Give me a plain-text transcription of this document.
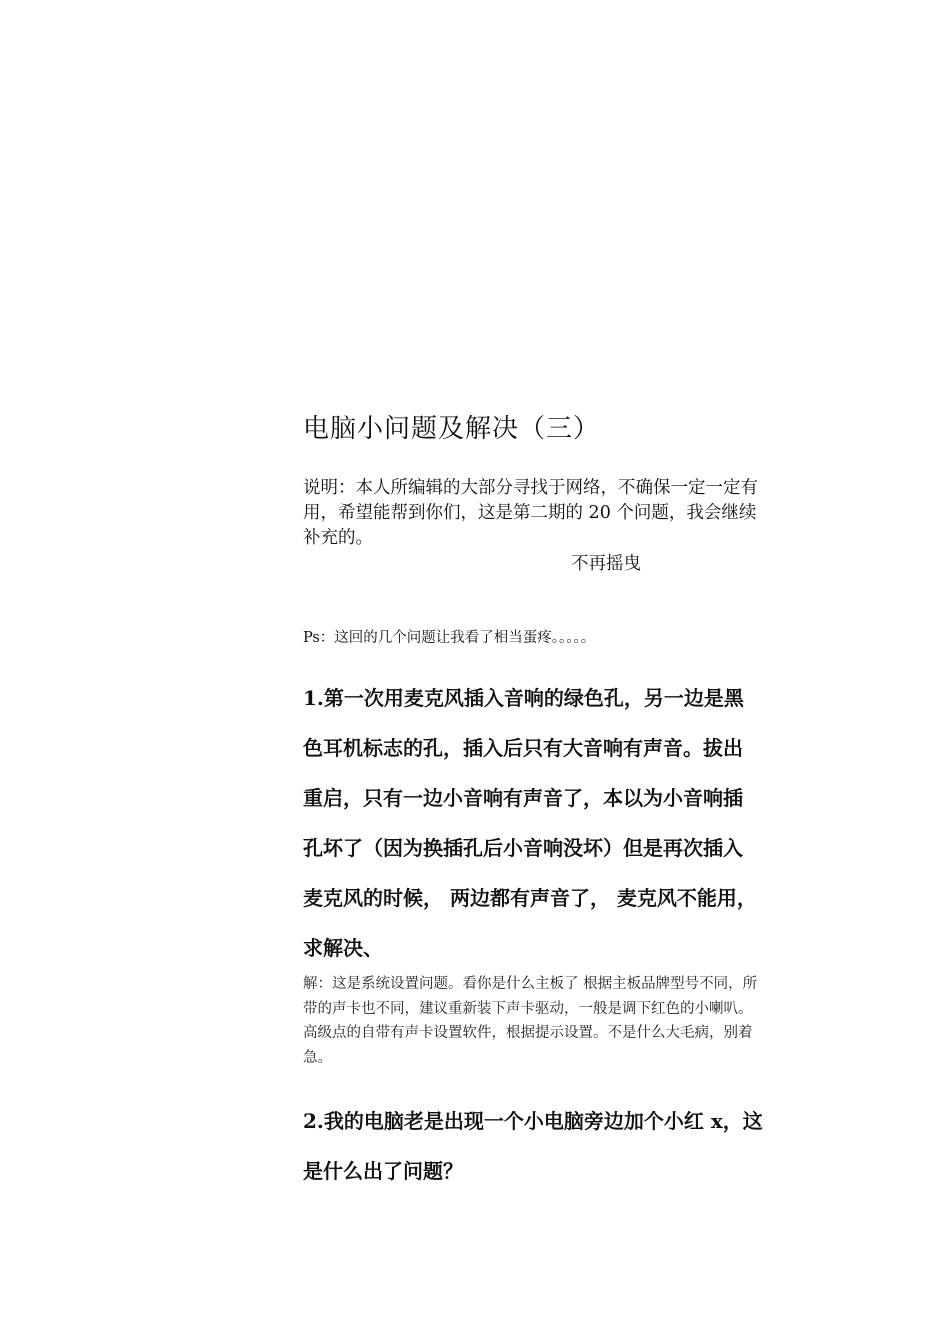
电脑小问题及解决（三）
说明：本人所编辑的大部分寻找于网络，不确保一定一定有
用，希望能帮到你们，这是第二期的 20 个问题，我会继续
补充的。
不再摇曳
Ps：这回的几个问题让我看了相当蛋疼。。。。。
1.第一次用麦克风插入音响的绿色孔，另一边是黑
色耳机标志的孔，插入后只有大音响有声音。拔出
重启，只有一边小音响有声音了，本以为小音响插
孔坏了（因为换插孔后小音响没坏）但是再次插入
麦克风的时候， 两边都有声音了， 麦克风不能用，
求解决、
解：这是系统设置问题。看你是什么主板了 根据主板品牌型号不同，所
带的声卡也不同，建议重新装下声卡驱动，一般是调下红色的小喇叭。
高级点的自带有声卡设置软件，根据提示设置。不是什么大毛病，别着
急。
2.我的电脑老是出现一个小电脑旁边加个小红 x，这
是什么出了问题？
